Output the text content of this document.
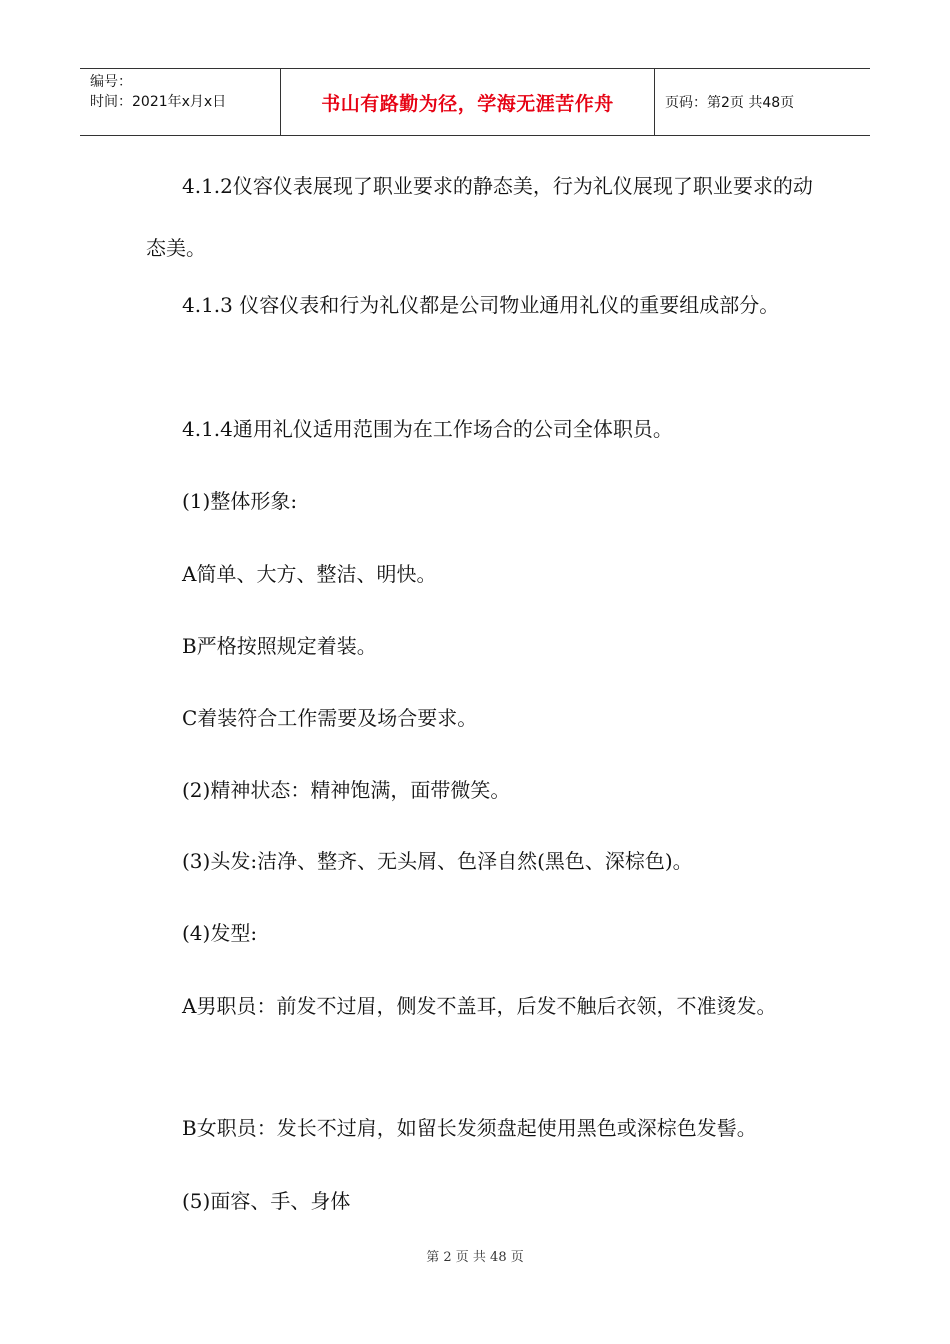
编号：
时间：2021年x月x日	书山有路勤为径，学海无涯苦作舟	页码：第2页 共48页

4.1.2仪容仪表展现了职业要求的静态美，行为礼仪展现了职业要求的动态美。

4.1.3 仪容仪表和行为礼仪都是公司物业通用礼仪的重要组成部分。

4.1.4通用礼仪适用范围为在工作场合的公司全体职员。

(1)整体形象:

A简单、大方、整洁、明快。

B严格按照规定着装。

C着装符合工作需要及场合要求。

(2)精神状态：精神饱满，面带微笑。

(3)头发:洁净、整齐、无头屑、色泽自然(黑色、深棕色)。

(4)发型:

A男职员：前发不过眉，侧发不盖耳，后发不触后衣领，不准烫发。

B女职员：发长不过肩，如留长发须盘起使用黑色或深棕色发髻。

(5)面容、手、身体

第 2 页 共 48 页
